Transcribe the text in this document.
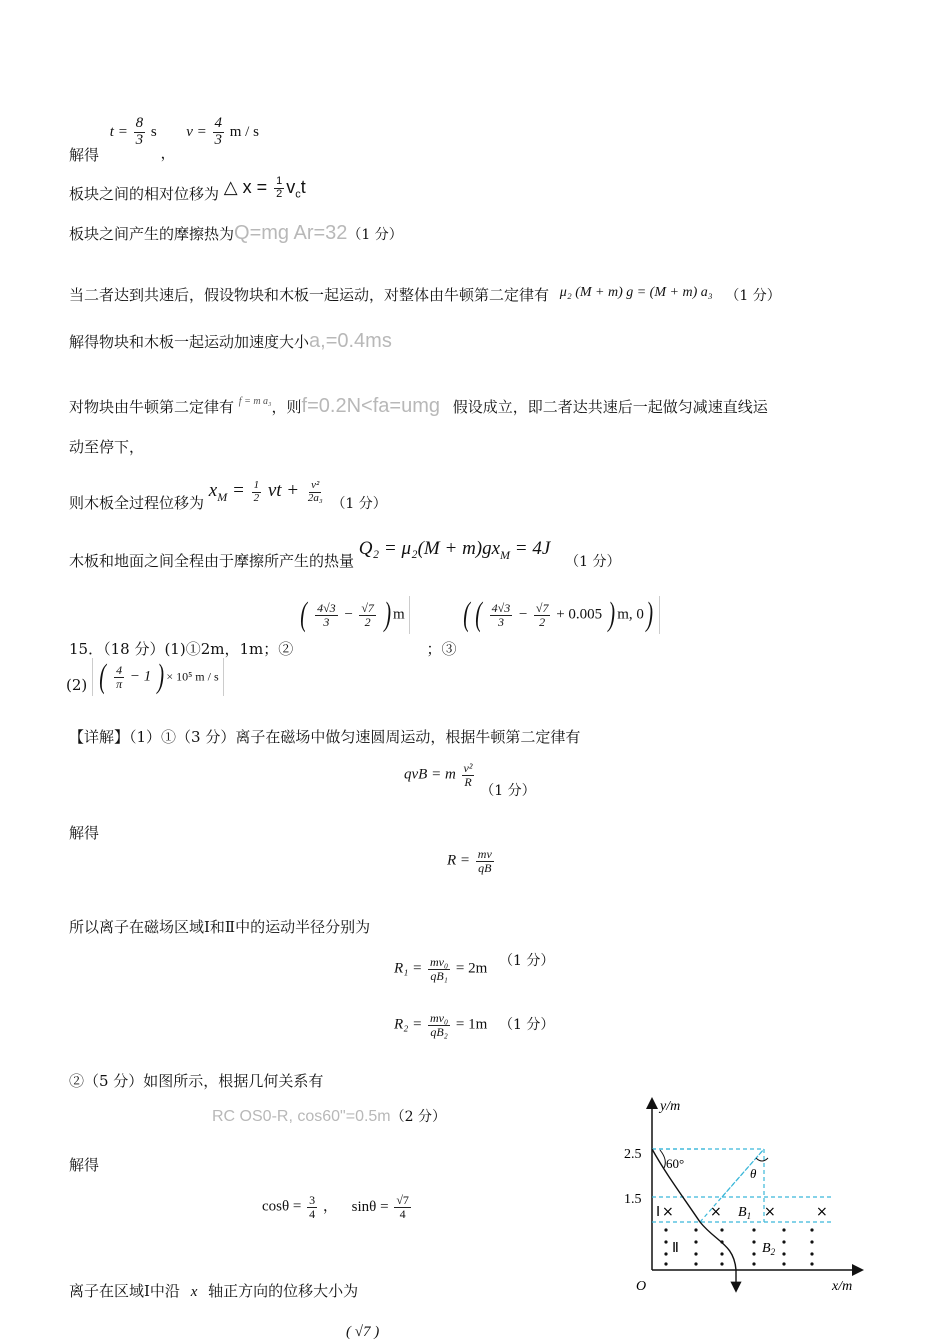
解得 $t = \frac{8}{3}$ s ， $v = \frac{4}{3}$ m / s
板块之间的相对位移为 △ $x = \frac{1}{2} v_ct$
板块之间产生的摩擦热为Q=mg Ar=32（1 分）
当二者达到共速后，假设物块和木板一起运动，对整体由牛顿第二定律有 μ₂ (M + m) g = (M + m) a₃ （1 分）
解得物块和木板一起运动加速度大小a,=0.4ms
对物块由牛顿第二定律有 $^{f = m a_3}$，则f=0.2N<fa=umg 假设成立，即二者达共速后一起做匀减速直线运
动至停下，
则木板全过程位移为 $x_M = \frac{1}{2}$ vt + $\frac{\text{v²}}{\text{2a₃}}$
（1 分）
木板和地面之间全程由于摩擦所产生的热量 $Q_2 = \mu_2(M + m)gx_M = 4J$ （1 分）
15．（18 分）(1)①2m，1m；② ( $\frac{4√3}{3} - \frac{√7}{2}$ ) m ；③ ( ( $\frac{4√3}{3} - \frac{√7}{2} + 0.005$ ) m, 0)
(2) ( $\frac{4}{\pi} - 1$ ) × 10⁵ m / s
【详解】（1）①（3 分）离子在磁场中做匀速圆周运动，根据牛顿第二定律有
qvB = m $\frac{\text{v²}}{R}$
（1 分）
解得
$R = \frac{mv}{qB}$
所以离子在磁场区域Ⅰ和Ⅱ中的运动半径分别为
$R_1 = \frac{\text{mv₀}}{\text{qB₁}} = 2m$ （1 分）
$R_2 = \frac{\text{mv₀}}{\text{qB₂}} = 1m$ （1 分）
②（5 分）如图所示，根据几何关系有
RC OS0-R, cos60"=0.5m（2 分）
解得
$\cos\theta = \frac{3}{4}$ ， $\sin\theta = \frac{√7}{4}$
离子在区域Ⅰ中沿 x 轴正方向的位移大小为
( √7 )
y/m
x/m
O
2.5
1.5
60°
θ
Ⅰ ×	× $B_1$ ×	×
Ⅱ	$B_2$
